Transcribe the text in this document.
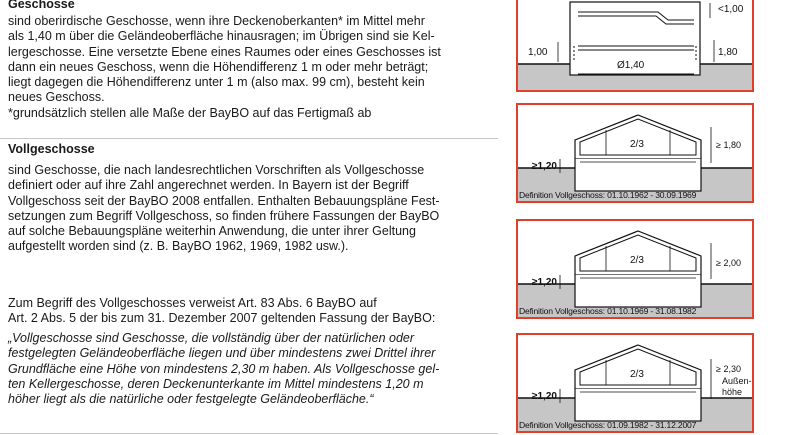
Geschosse

sind oberirdische Geschosse, wenn ihre Deckenoberkanten* im Mittel mehr

als 1,40 m über die Geländeoberfläche hinausragen; im Übrigen sind sie Kel-

lergeschosse. Eine versetzte Ebene eines Raumes oder eines Geschosses ist

dann ein neues Geschoss, wenn die Höhendifferenz 1 m oder mehr beträgt;

liegt dagegen die Höhendifferenz unter 1 m (also max. 99 cm), besteht kein

neues Geschoss.

*grundsätzlich stellen alle Maße der BayBO auf das Fertigmaß ab

Vollgeschosse

sind Geschosse, die nach landesrechtlichen Vorschriften als Vollgeschosse

definiert oder auf ihre Zahl angerechnet werden. In Bayern ist der Begriff

Vollgeschoss seit der BayBO 2008 entfallen. Enthalten Bebauungspläne Fest-

setzungen zum Begriff Vollgeschoss, so finden frühere Fassungen der BayBO

auf solche Bebauungspläne weiterhin Anwendung, die unter ihrer Geltung

aufgestellt worden sind (z. B. BayBO 1962, 1969, 1982 usw.).

Zum Begriff des Vollgeschosses verweist Art. 83 Abs. 6 BayBO auf

Art. 2 Abs. 5 der bis zum 31. Dezember 2007 geltenden Fassung der BayBO:

„Vollgeschosse sind Geschosse, die vollständig über der natürlichen oder

festgelegten Geländeoberfläche liegen und über mindestens zwei Drittel ihrer

Grundfläche eine Höhe von mindestens 2,30 m haben. Als Vollgeschosse gel-

ten Kellergeschosse, deren Deckenunterkante im Mittel mindestens 1,20 m

höher liegt als die natürliche oder festgelegte Geländeoberfläche.“

<1,00
1,00	1,80
Ø1,40
2/3
≥1,20
≥ 1,80
Definition Vollgeschoss: 01.10.1962 - 30.09.1969
2/3
≥1,20
≥ 2,00
Definition Vollgeschoss: 01.10.1969 - 31.08.1982
2/3
≥1,20
≥ 2,30
Außen-
höhe
Definition Vollgeschoss: 01.09.1982 - 31.12.2007
